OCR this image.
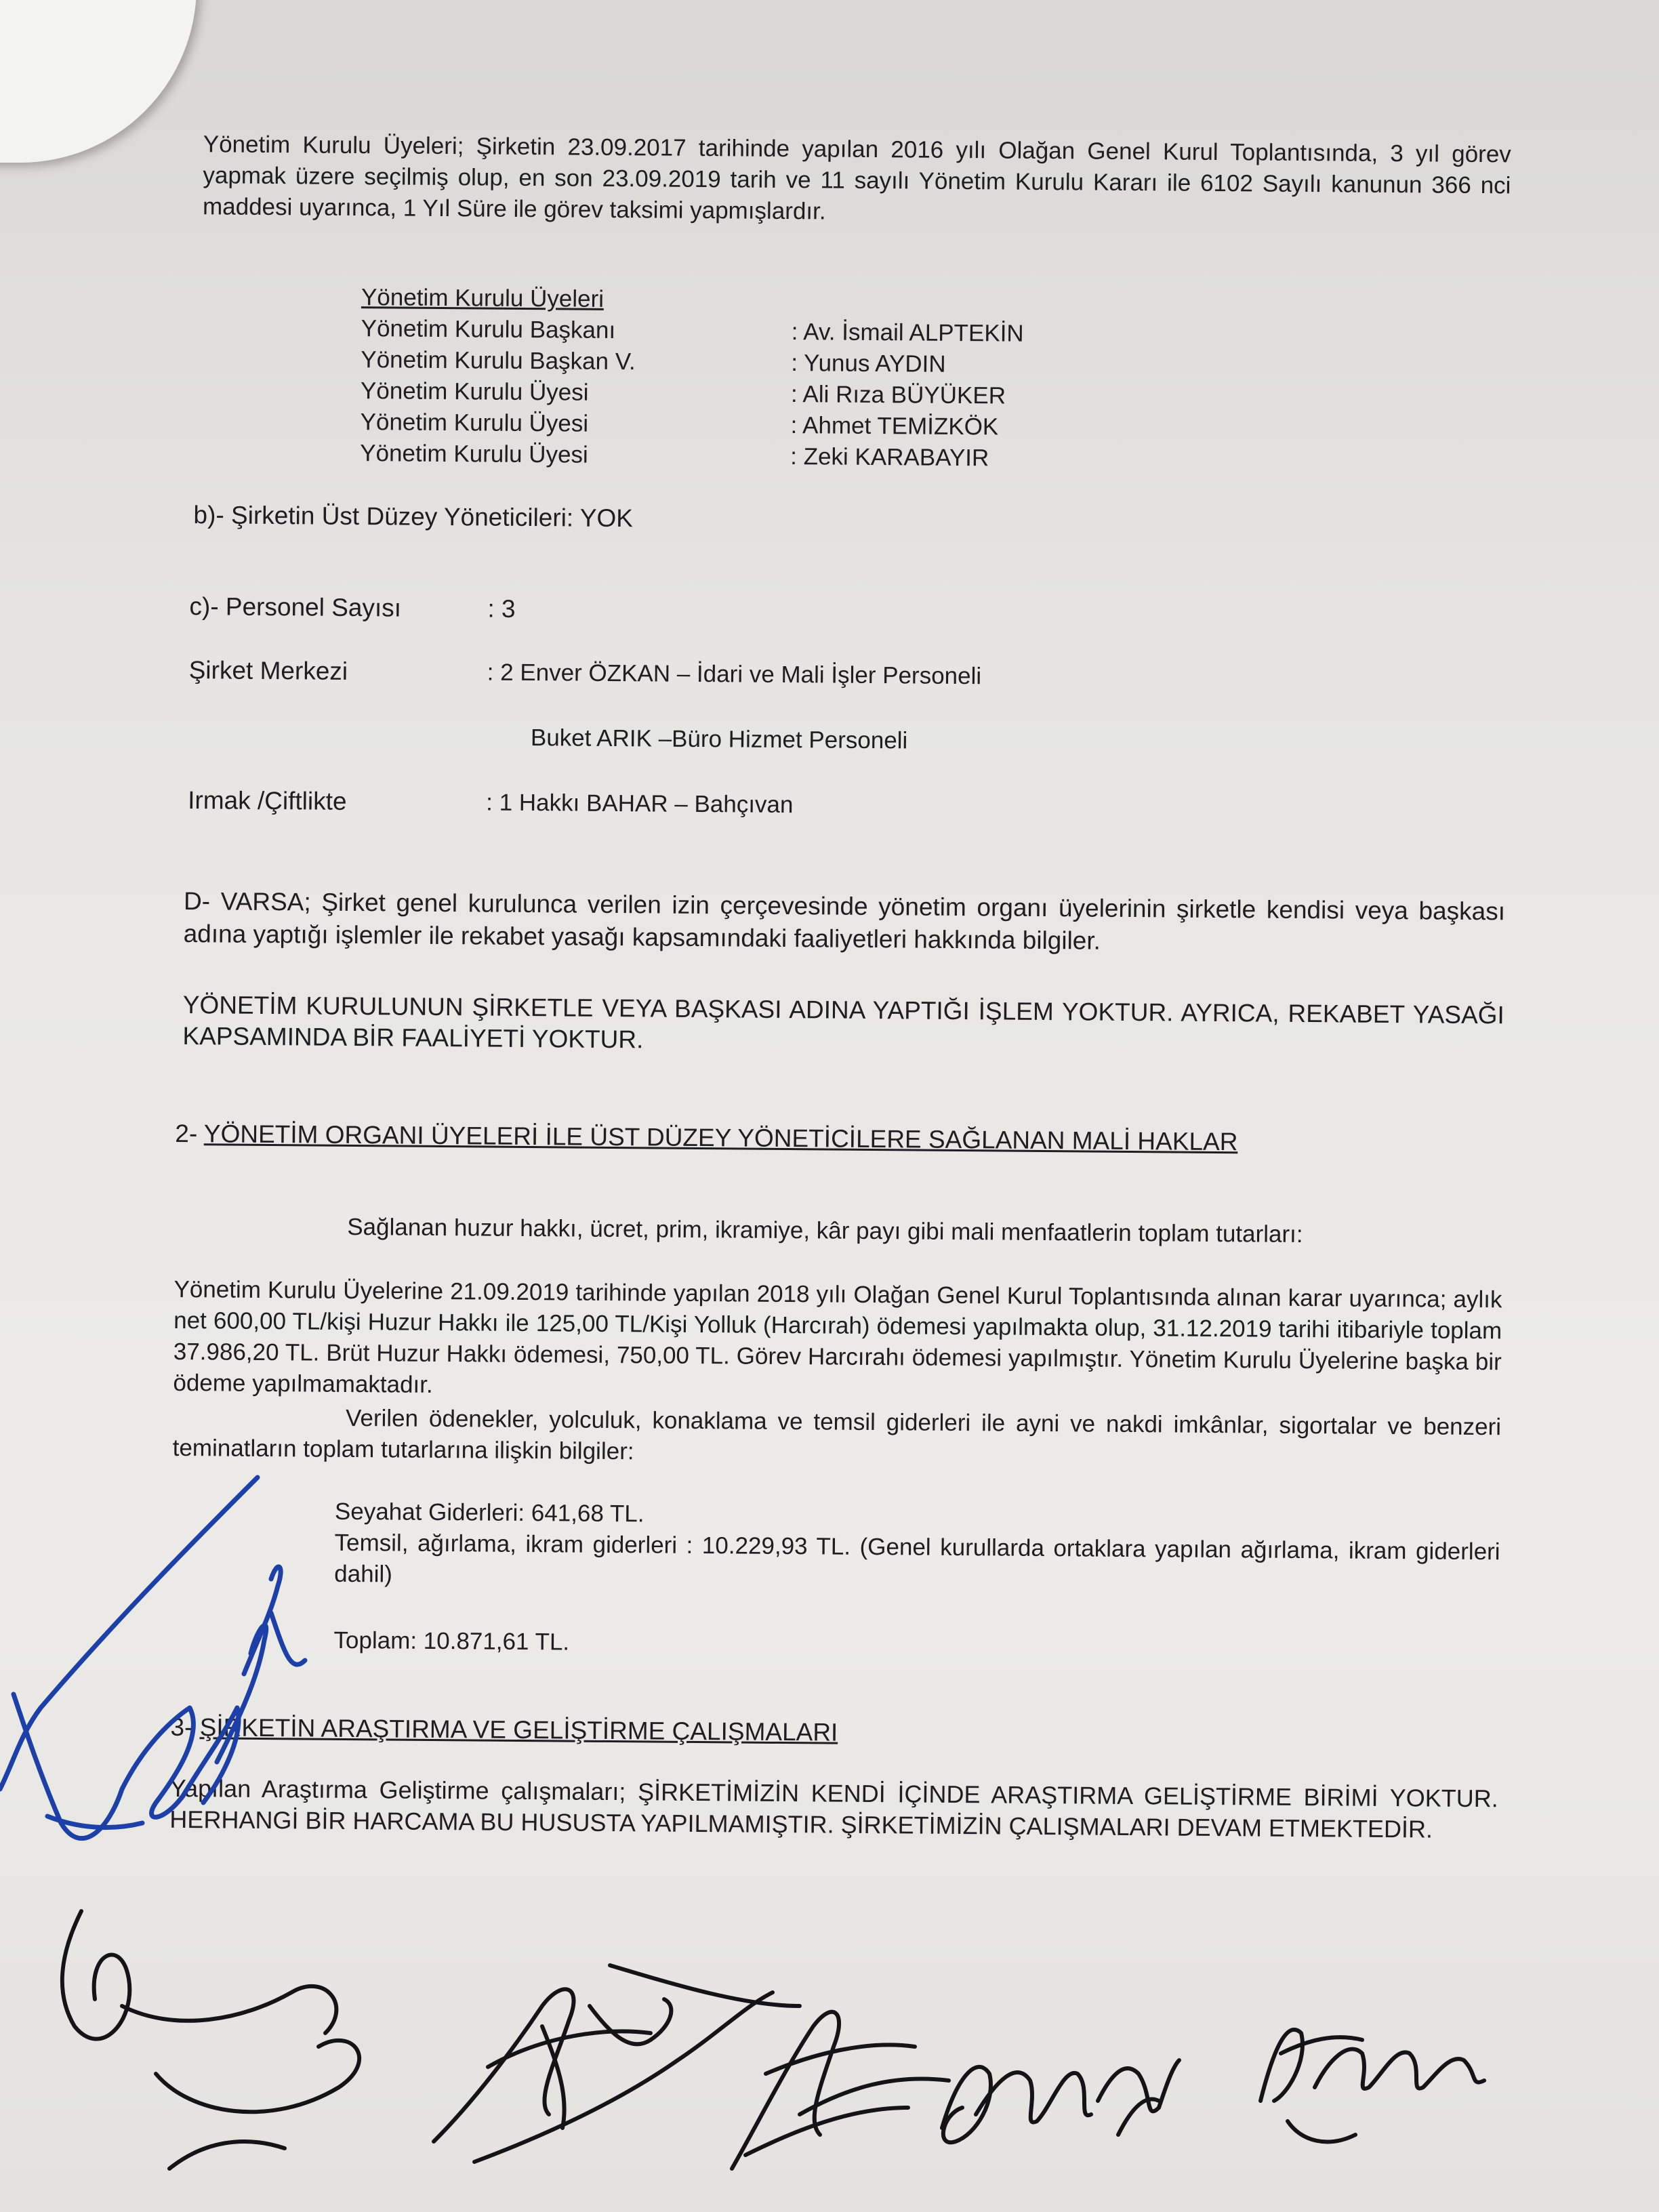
Yönetim Kurulu Üyeleri; Şirketin 23.09.2017 tarihinde yapılan 2016 yılı Olağan Genel Kurul Toplantısında, 3 yıl görev yapmak üzere seçilmiş olup, en son 23.09.2019 tarih ve 11 sayılı Yönetim Kurulu Kararı ile 6102 Sayılı kanunun 366 nci maddesi uyarınca, 1 Yıl Süre ile görev taksimi yapmışlardır.

Yönetim Kurulu Üyeleri
Yönetim Kurulu Başkanı	: Av. İsmail ALPTEKİN
Yönetim Kurulu Başkan V.	: Yunus AYDIN
Yönetim Kurulu Üyesi	: Ali Rıza BÜYÜKER
Yönetim Kurulu Üyesi	: Ahmet TEMİZKÖK
Yönetim Kurulu Üyesi	: Zeki KARABAYIR
b)- Şirketin Üst Düzey Yöneticileri: YOK
c)- Personel Sayısı	: 3
Şirket Merkezi	: 2 Enver ÖZKAN – İdari ve Mali İşler Personeli
Buket ARIK –Büro Hizmet Personeli
Irmak /Çiftlikte	: 1 Hakkı BAHAR – Bahçıvan

D- VARSA; Şirket genel kurulunca verilen izin çerçevesinde yönetim organı üyelerinin şirketle kendisi veya başkası adına yaptığı işlemler ile rekabet yasağı kapsamındaki faaliyetleri hakkında bilgiler.

YÖNETİM KURULUNUN ŞİRKETLE VEYA BAŞKASI ADINA YAPTIĞI İŞLEM YOKTUR. AYRICA, REKABET YASAĞI KAPSAMINDA BİR FAALİYETİ YOKTUR.

2- YÖNETİM ORGANI ÜYELERİ İLE ÜST DÜZEY YÖNETİCİLERE SAĞLANAN MALİ HAKLAR
Sağlanan huzur hakkı, ücret, prim, ikramiye, kâr payı gibi mali menfaatlerin toplam tutarları:

Yönetim Kurulu Üyelerine 21.09.2019 tarihinde yapılan 2018 yılı Olağan Genel Kurul Toplantısında alınan karar uyarınca; aylık net 600,00 TL/kişi Huzur Hakkı ile 125,00 TL/Kişi Yolluk (Harcırah) ödemesi yapılmakta olup, 31.12.2019 tarihi itibariyle toplam 37.986,20 TL. Brüt Huzur Hakkı ödemesi, 750,00 TL. Görev Harcırahı ödemesi yapılmıştır. Yönetim Kurulu Üyelerine başka bir ödeme yapılmamaktadır.

Verilen ödenekler, yolculuk, konaklama ve temsil giderleri ile ayni ve nakdi imkânlar, sigortalar ve benzeri teminatların toplam tutarlarına ilişkin bilgiler:

Seyahat Giderleri: 641,68 TL.

Temsil, ağırlama, ikram giderleri : 10.229,93 TL. (Genel kurullarda ortaklara yapılan ağırlama, ikram giderleri dahil)

Toplam: 10.871,61 TL.
3- ŞİRKETİN ARAŞTIRMA VE GELİŞTİRME ÇALIŞMALARI

Yapılan Araştırma Geliştirme çalışmaları; ŞİRKETİMİZİN KENDİ İÇİNDE ARAŞTIRMA GELİŞTİRME BİRİMİ YOKTUR. HERHANGİ BİR HARCAMA BU HUSUSTA YAPILMAMIŞTIR. ŞİRKETİMİZİN ÇALIŞMALARI DEVAM ETMEKTEDİR.
